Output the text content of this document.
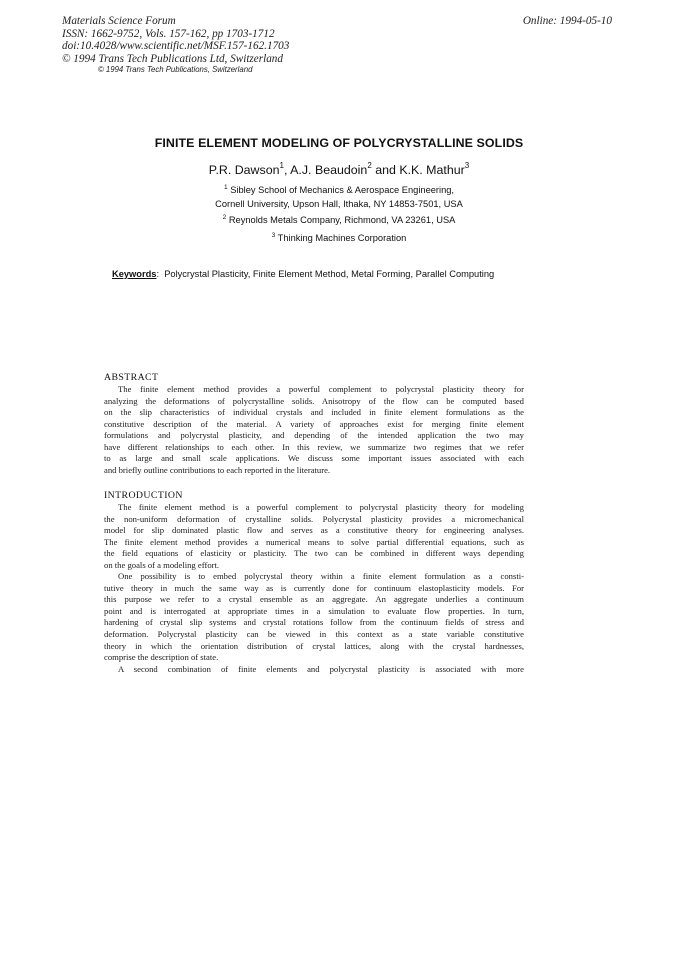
Materials Science Forum
ISSN: 1662-9752, Vols. 157-162, pp 1703-1712
doi:10.4028/www.scientific.net/MSF.157-162.1703
© 1994 Trans Tech Publications Ltd, Switzerland
Online: 1994-05-10
© 1994 Trans Tech Publications, Switzerland
FINITE ELEMENT MODELING OF POLYCRYSTALLINE SOLIDS
P.R. Dawson$^1$, A.J. Beaudoin$^2$ and K.K. Mathur$^3$
$^1$ Sibley School of Mechanics & Aerospace Engineering,
Cornell University, Upson Hall, Ithaka, NY 14853-7501, USA
$^2$ Reynolds Metals Company, Richmond, VA 23261, USA
$^3$ Thinking Machines Corporation
Keywords: Polycrystal Plasticity, Finite Element Method, Metal Forming, Parallel Computing
ABSTRACT
The finite element method provides a powerful complement to polycrystal plasticity theory for
analyzing the deformations of polycrystalline solids. Anisotropy of the flow can be computed based
on the slip characteristics of individual crystals and included in finite element formulations as the
constitutive description of the material. A variety of approaches exist for merging finite element
formulations and polycrystal plasticity, and depending of the intended application the two may
have different relationships to each other. In this review, we summarize two regimes that we refer
to as large and small scale applications. We discuss some important issues associated with each
and briefly outline contributions to each reported in the literature.
INTRODUCTION
The finite element method is a powerful complement to polycrystal plasticity theory for modeling
the non-uniform deformation of crystalline solids. Polycrystal plasticity provides a micromechanical
model for slip dominated plastic flow and serves as a constitutive theory for engineering analyses.
The finite element method provides a numerical means to solve partial differential equations, such as
the field equations of elasticity or plasticity. The two can be combined in different ways depending
on the goals of a modeling effort.
One possibility is to embed polycrystal theory within a finite element formulation as a consti-
tutive theory in much the same way as is currently done for continuum elastoplasticity models. For
this purpose we refer to a crystal ensemble as an aggregate. An aggregate underlies a continuum
point and is interrogated at appropriate times in a simulation to evaluate flow properties. In turn,
hardening of crystal slip systems and crystal rotations follow from the continuum fields of stress and
deformation. Polycrystal plasticity can be viewed in this context as a state variable constitutive
theory in which the orientation distribution of crystal lattices, along with the crystal hardnesses,
comprise the description of state.
A second combination of finite elements and polycrystal plasticity is associated with more
